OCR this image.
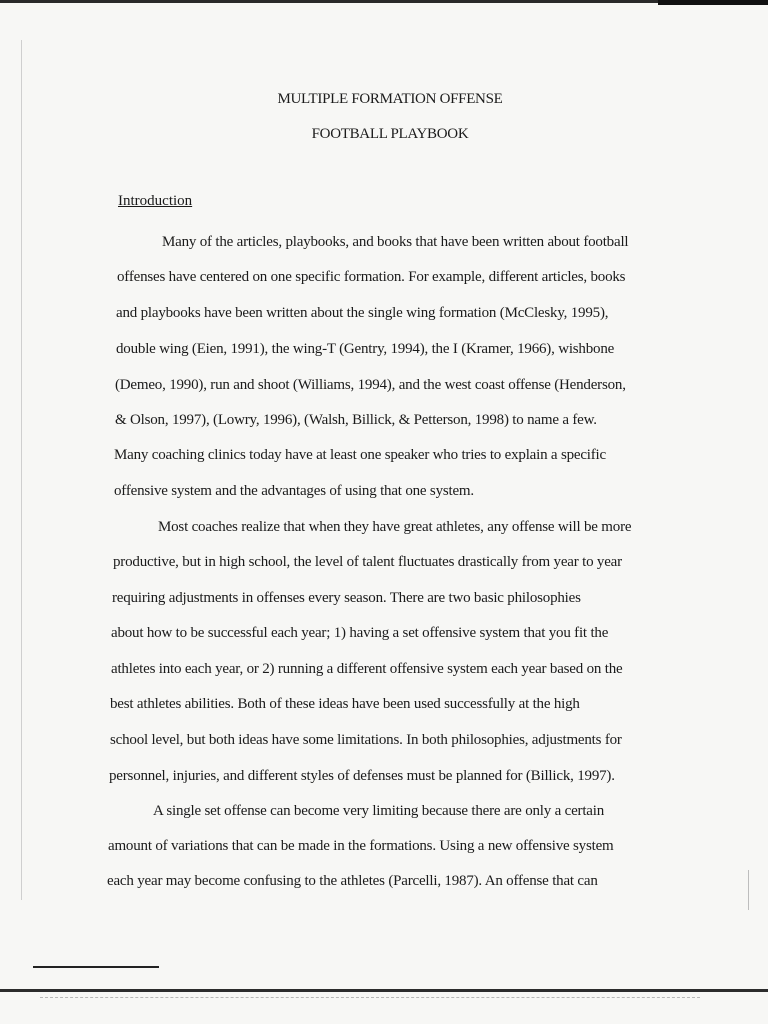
MULTIPLE FORMATION OFFENSE
FOOTBALL PLAYBOOK
Introduction
Many of the articles, playbooks, and books that have been written about football
offenses have centered on one specific formation. For example, different articles, books
and playbooks have been written about the single wing formation (McClesky, 1995),
double wing (Eien, 1991), the wing-T (Gentry, 1994), the I (Kramer, 1966), wishbone
(Demeo, 1990), run and shoot (Williams, 1994), and the west coast offense (Henderson,
& Olson, 1997), (Lowry, 1996), (Walsh, Billick, & Petterson, 1998) to name a few.
Many coaching clinics today have at least one speaker who tries to explain a specific
offensive system and the advantages of using that one system.
Most coaches realize that when they have great athletes, any offense will be more
productive, but in high school, the level of talent fluctuates drastically from year to year
requiring adjustments in offenses every season. There are two basic philosophies
about how to be successful each year; 1) having a set offensive system that you fit the
athletes into each year, or 2) running a different offensive system each year based on the
best athletes abilities. Both of these ideas have been used successfully at the high
school level, but both ideas have some limitations. In both philosophies, adjustments for
personnel, injuries, and different styles of defenses must be planned for (Billick, 1997).
A single set offense can become very limiting because there are only a certain
amount of variations that can be made in the formations. Using a new offensive system
each year may become confusing to the athletes (Parcelli, 1987). An offense that can
